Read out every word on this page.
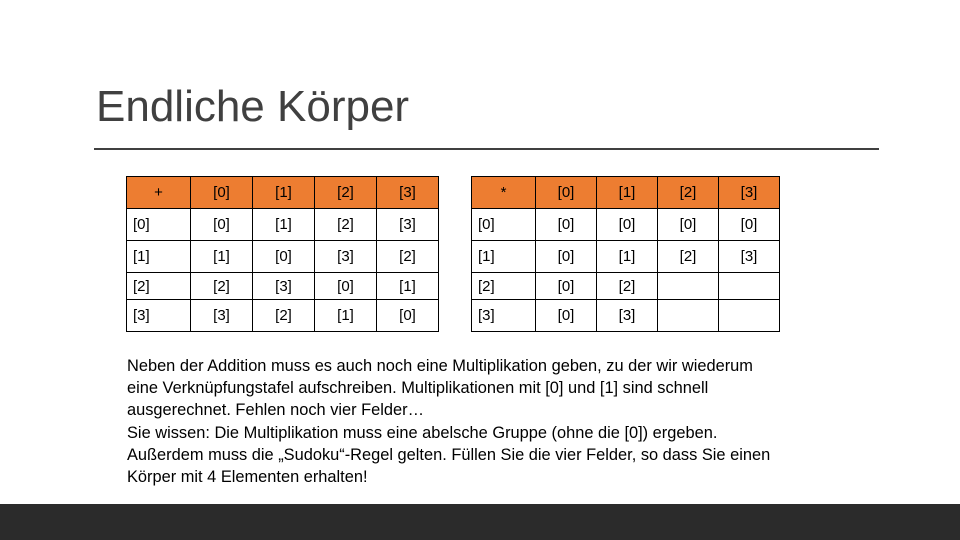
Endliche Körper
+	[0]	[1]	[2]	[3]
[0]	[0]	[1]	[2]	[3]
[1]	[1]	[0]	[3]	[2]
[2]	[2]	[3]	[0]	[1]
[3]	[3]	[2]	[1]	[0]
*	[0]	[1]	[2]	[3]
[0]	[0]	[0]	[0]	[0]
[1]	[0]	[1]	[2]	[3]
[2]	[0]	[2]		
[3]	[0]	[3]		

Neben der Addition muss es auch noch eine Multiplikation geben, zu der wir wiederum eine Verknüpfungstafel aufschreiben. Multiplikationen mit [0] und [1] sind schnell ausgerechnet. Fehlen noch vier Felder…

Sie wissen: Die Multiplikation muss eine abelsche Gruppe (ohne die [0]) ergeben. Außerdem muss die „Sudoku“-Regel gelten. Füllen Sie die vier Felder, so dass Sie einen Körper mit 4 Elementen erhalten!
